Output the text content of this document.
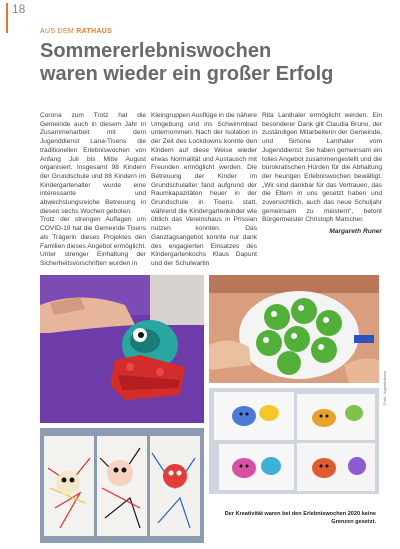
18
AUS DEM RATHAUS
Sommererlebniswochen
waren wieder ein großer Erfolg

Corona zum Trotz hat die Gemeinde auch in diesem Jahr in Zusammenarbeit mit dem Jugenddienst Lana-Tisens die traditionellen Erlebniswochen von Anfang Juli bis Mitte August organisiert. Insgesamt 98 Kindern der Grundschule und 88 Kindern im Kindergartenalter wurde eine interessante und abwechslungsreiche Betreuung in diesen sechs Wochen geboten.

Trotz der strengen Auflagen um COVID-19 hat die Gemeinde Tisens als Trägerin dieses Projektes den Familien dieses Angebot ermöglicht. Unter strenger Einhaltung der Sicherheitsvorschriften wurden in

Kleingruppen Ausflüge in die nähere Umgebung und ins Schwimmbad unternommen. Nach der Isolation in der Zeit des Lockdowns konnte den Kindern auf diese Weise wieder etwas Normalität und Austausch mit Freunden ermöglicht werden. Die Betreuung der Kinder im Grundschulalter fand aufgrund der Raumkapazitäten heuer in der Grundschule in Tisens statt, während die Kindergartenkinder wie üblich das Vereinshaus in Prissian nutzen konnten. Das Ganztagsangebot konnte nur dank des engagierten Einsatzes des Kindergartenkochs Klaus Dapunt und der Schulwartin

Rita Lanthaler ermöglicht werden. Ein besonderer Dank gilt Claudia Bruno, der zuständigen Mitarbeiterin der Gemeinde, und Simone Lanthaler vom Jugenddienst: Sie haben gemeinsam ein tolles Angebot zusammengestellt und die bürokratischen Hürden für die Abhaltung der heurigen Erlebniswochen bewältigt. „Wir sind dankbar für das Vertrauen, das die Eltern in uns gesetzt haben und zuversichtlich, auch das neue Schuljahr gemeinsam zu meistern“, betont Bürgermeister Christoph Matscher.

Margareth Runer

Foto: Jugenddienst
Der Kreativität waren bei den Erlebniswochen 2020 keine Grenzen gesetzt.
